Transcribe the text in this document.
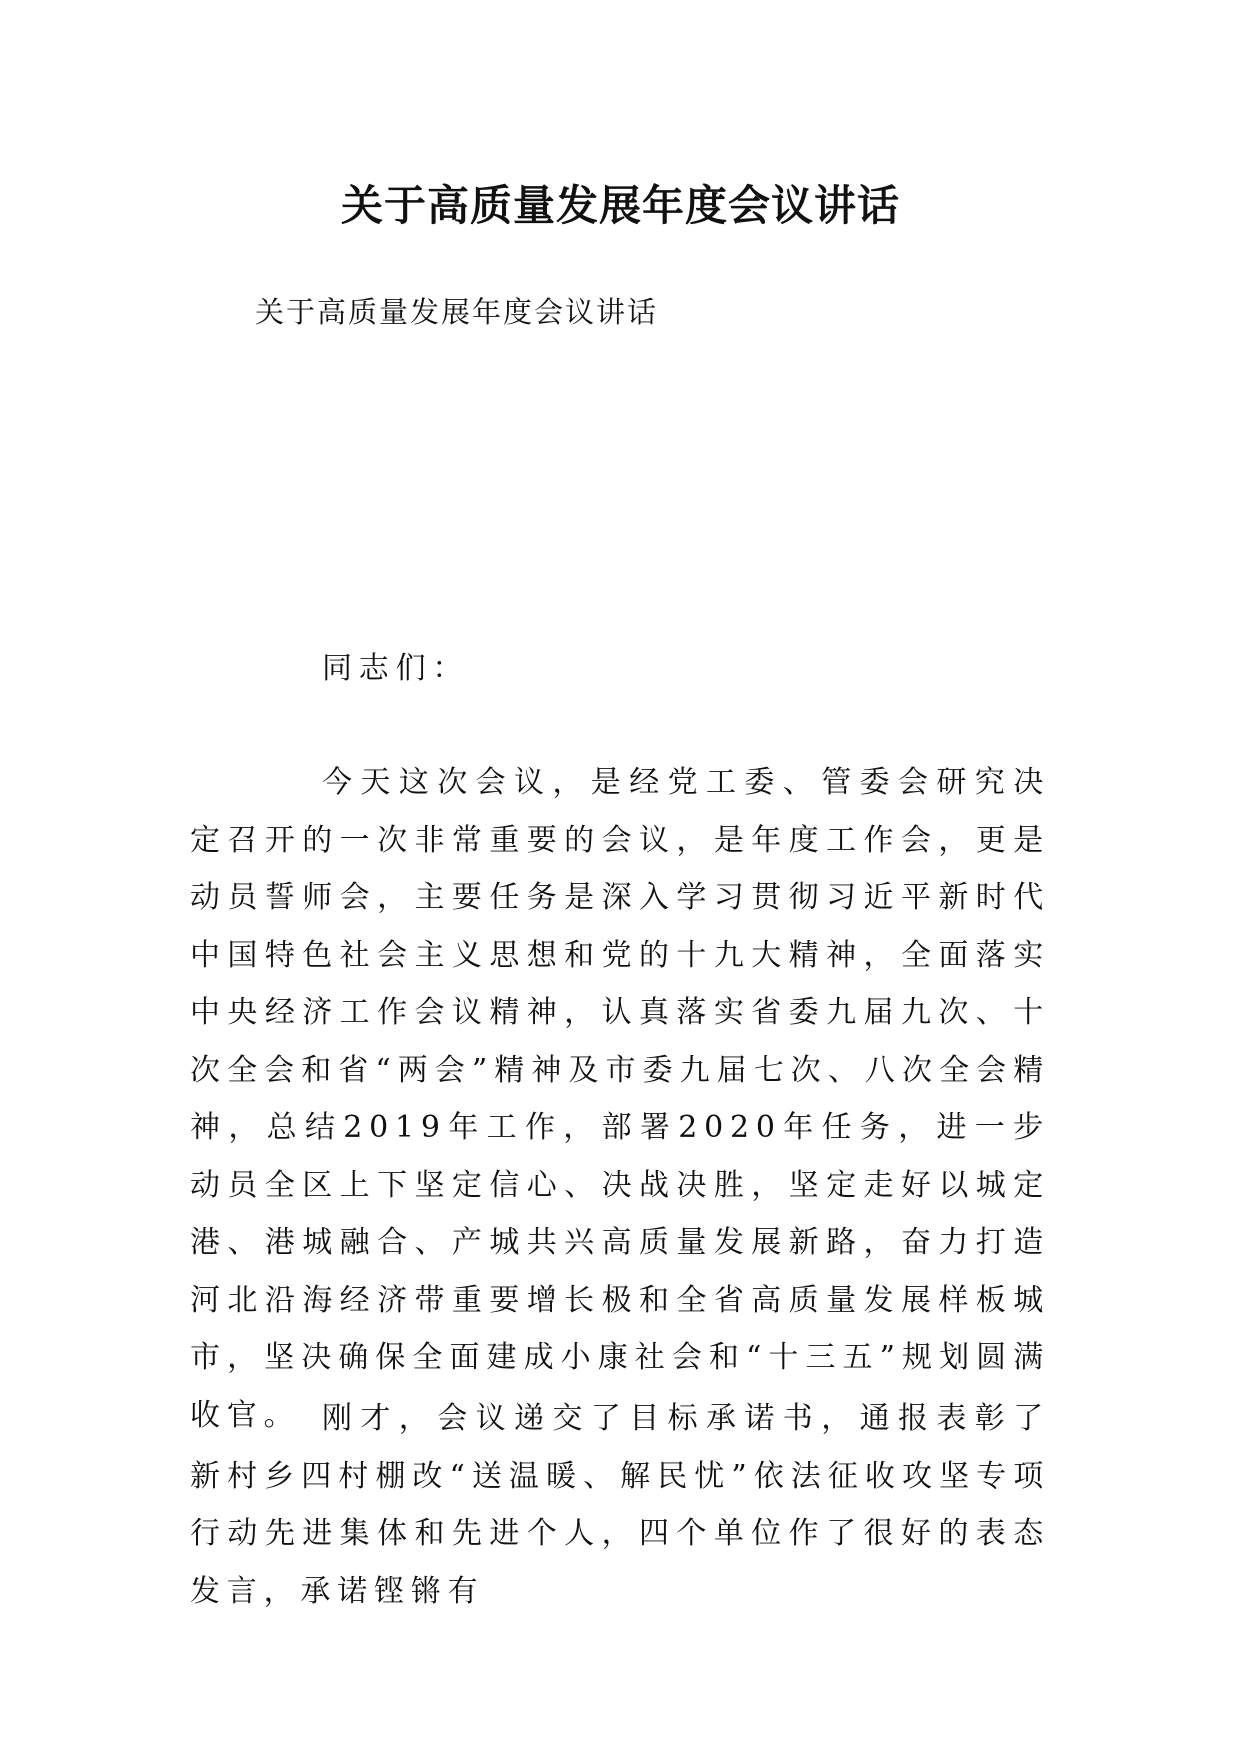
关于高质量发展年度会议讲话
关于高质量发展年度会议讲话
同志们：

今天这次会议，是经党工委、管委会研究决定召开的一次非常重要的会议，是年度工作会，更是动员誓师会，主要任务是深入学习贯彻习近平新时代中国特色社会主义思想和党的十九大精神，全面落实中央经济工作会议精神，认真落实省委九届九次、十次全会和省“两会”精神及市委九届七次、八次全会精神，总结2019年工作，部署2020年任务，进一步动员全区上下坚定信心、决战决胜，坚定走好以城定港、港城融合、产城共兴高质量发展新路，奋力打造河北沿海经济带重要增长极和全省高质量发展样板城市，坚决确保全面建成小康社会和“十三五”规划圆满收官。 刚才，会议递交了目标承诺书，通报表彰了新村乡四村棚改“送温暖、解民忧”依法征收攻坚专项行动先进集体和先进个人，四个单位作了很好的表态发言，承诺铿锵有
